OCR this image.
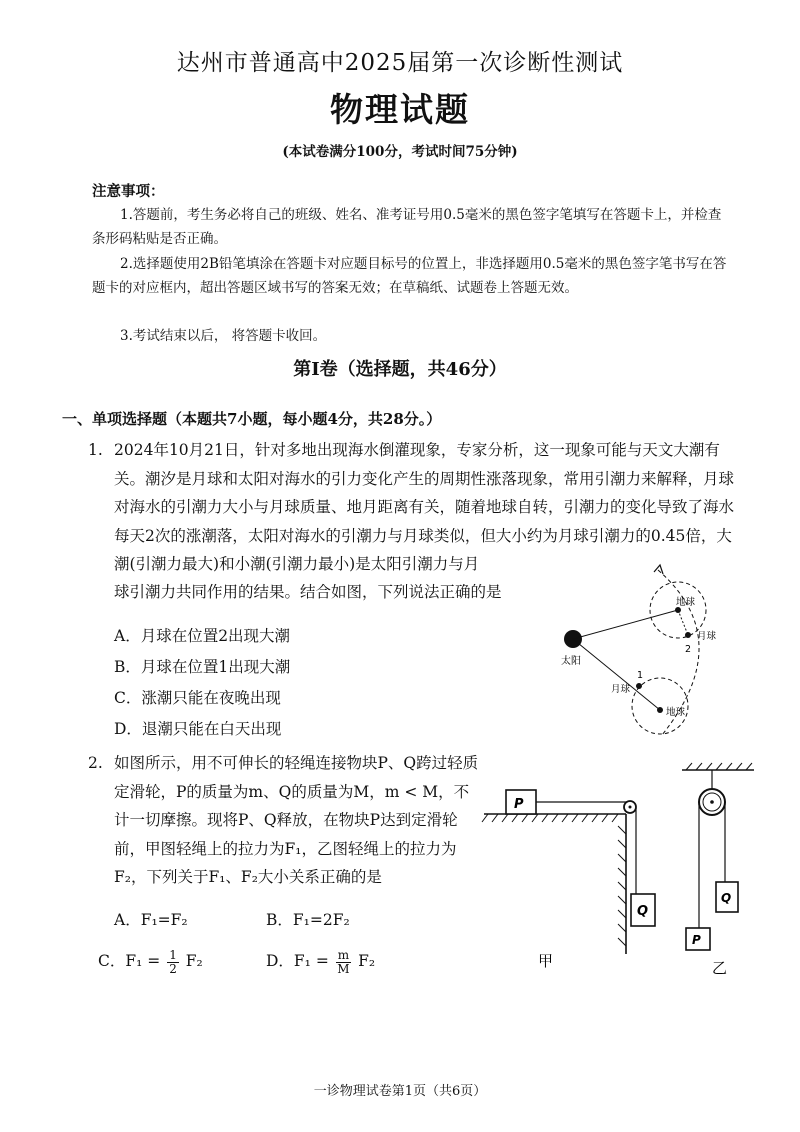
达州市普通高中2025届第一次诊断性测试
物理试题
(本试卷满分100分，考试时间75分钟)
注意事项：
1.答题前，考生务必将自己的班级、姓名、准考证号用0.5毫米的黑色签字笔填写在答题卡上，并检查条形码粘贴是否正确。
2.选择题使用2B铅笔填涂在答题卡对应题目标号的位置上，非选择题用0.5毫米的黑色签字笔书写在答题卡的对应框内，超出答题区域书写的答案无效；在草稿纸、试题卷上答题无效。
3.考试结束以后， 将答题卡收回。
第I卷（选择题，共46分）
一、单项选择题（本题共7小题，每小题4分，共28分。）
1. 2024年10月21日，针对多地出现海水倒灌现象，专家分析，这一现象可能与天文大潮有关。潮汐是月球和太阳对海水的引力变化产生的周期性涨落现象，常用引潮力来解释，月球对海水的引潮力大小与月球质量、地月距离有关，随着地球自转，引潮力的变化导致了海水每天2次的涨潮落，太阳对海水的引潮力与月球类似，但大小约为月球引潮力的0.45倍，大潮(引潮力最大)和小潮(引潮力最小)是太阳引潮力与月
球引潮力共同作用的结果。结合如图，下列说法正确的是
A．月球在位置2出现大潮
B．月球在位置1出现大潮
C．涨潮只能在夜晚出现
D．退潮只能在白天出现
太阳
地球
月球
2
地球
月球
1
2. 如图所示，用不可伸长的轻绳连接物块P、Q跨过轻质定滑轮，P的质量为m、Q的质量为M，m < M，不计一切摩擦。现将P、Q释放，在物块P达到定滑轮前，甲图轻绳上的拉力为F₁，乙图轻绳上的拉力为F₂，下列关于F₁、F₂大小关系正确的是
A．F₁=F₂	B．F₁=2F₂
C．$F_1 = \frac{1}{2} F_2$	D．$F_1 = \frac{m}{M} F_2$
P
Q
甲
P
Q
乙
一诊物理试卷第1页（共6页）
